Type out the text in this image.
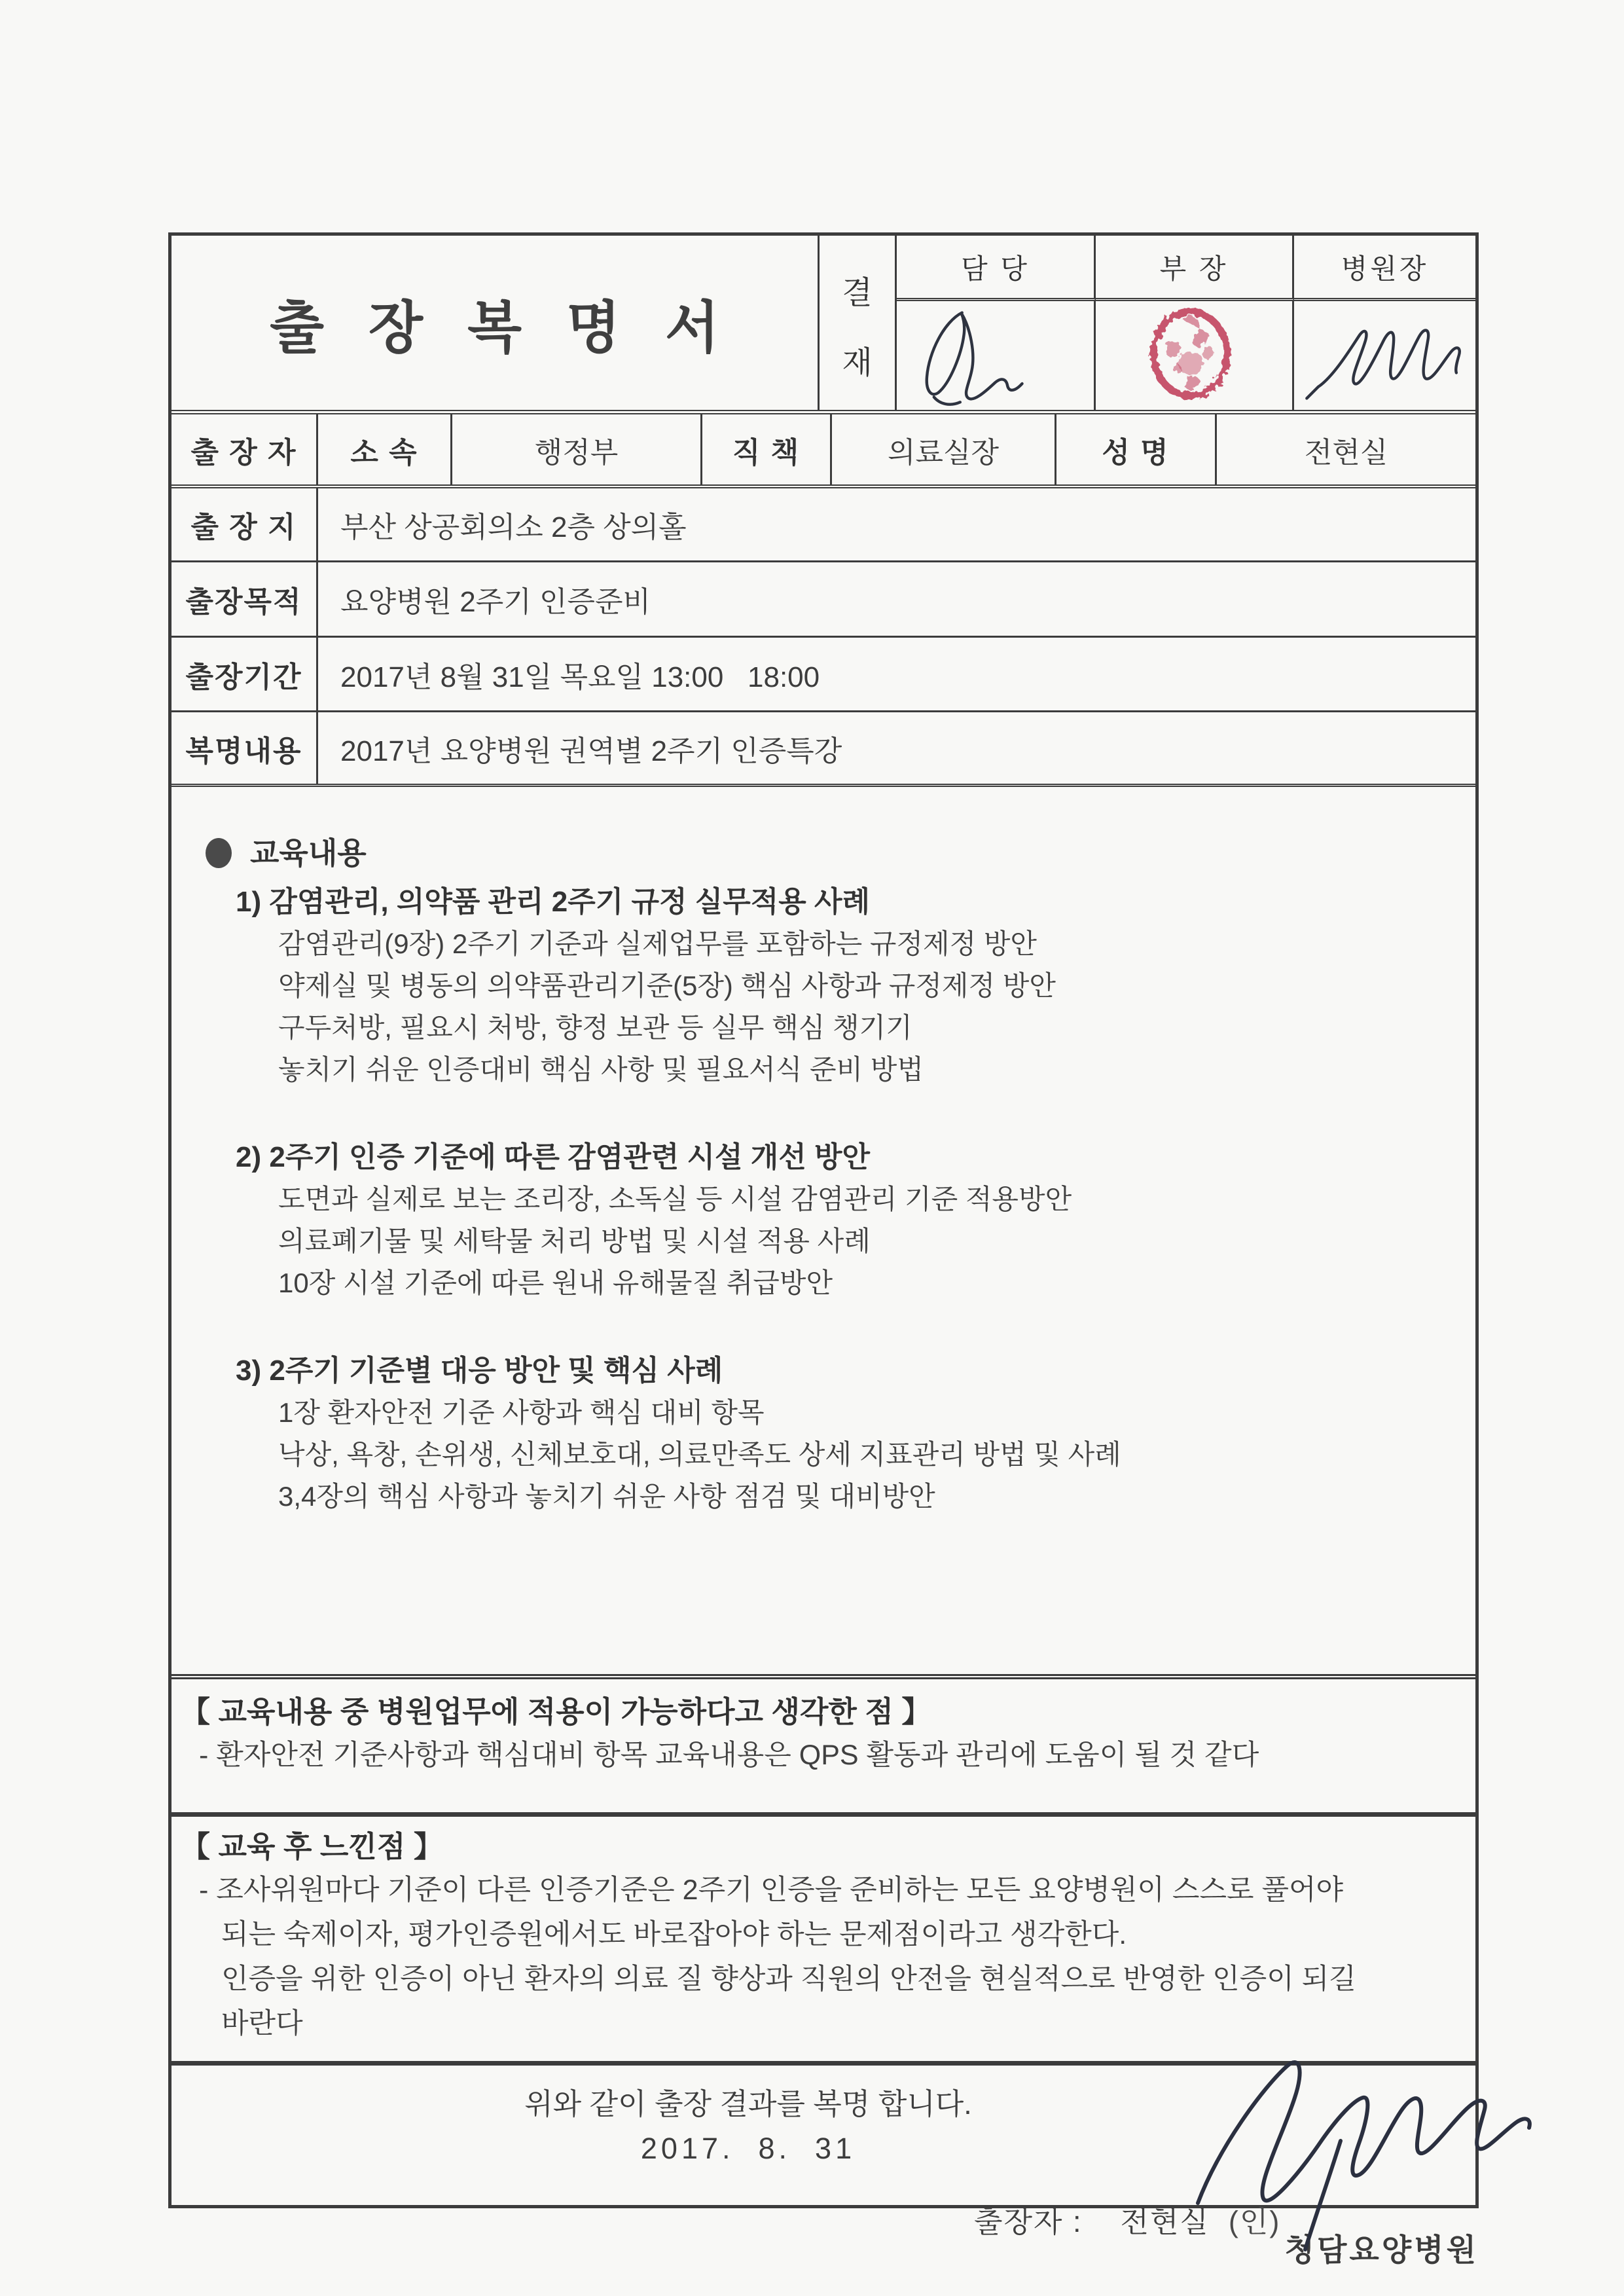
출 장 복 명 서
결
재
담 당	부 장	병원장
출 장 자	소 속	행정부	직 책	의료실장	성 명	전현실
출 장 지	부산 상공회의소 2층 상의홀
출장목적	요양병원 2주기 인증준비
출장기간	2017년 8월 31일 목요일 13:00   18:00
복명내용	2017년 요양병원 권역별 2주기 인증특강
교육내용
1) 감염관리, 의약품 관리 2주기 규정 실무적용 사례
감염관리(9장) 2주기 기준과 실제업무를 포함하는 규정제정 방안
약제실 및 병동의 의약품관리기준(5장) 핵심 사항과 규정제정 방안
구두처방, 필요시 처방, 향정 보관 등 실무 핵심 챙기기
놓치기 쉬운 인증대비 핵심 사항 및 필요서식 준비 방법
2) 2주기 인증 기준에 따른 감염관련 시설 개선 방안
도면과 실제로 보는 조리장, 소독실 등 시설 감염관리 기준 적용방안
의료폐기물 및 세탁물 처리 방법 및 시설 적용 사례
10장 시설 기준에 따른 원내 유해물질 취급방안
3) 2주기 기준별 대응 방안 및 핵심 사례
1장 환자안전 기준 사항과 핵심 대비 항목
낙상, 욕창, 손위생, 신체보호대, 의료만족도 상세 지표관리 방법 및 사례
3,4장의 핵심 사항과 놓치기 쉬운 사항 점검 및 대비방안
【 교육내용 중 병원업무에 적용이 가능하다고 생각한 점 】
- 환자안전 기준사항과 핵심대비 항목 교육내용은 QPS 활동과 관리에 도움이 될 것 같다
【 교육 후 느낀점 】
- 조사위원마다 기준이 다른 인증기준은 2주기 인증을 준비하는 모든 요양병원이 스스로 풀어야
되는 숙제이자, 평가인증원에서도 바로잡아야 하는 문제점이라고 생각한다.
인증을 위한 인증이 아닌 환자의 의료 질 향상과 직원의 안전을 현실적으로 반영한 인증이 되길
바란다
위와 같이 출장 결과를 복명 합니다.
2017.  8.  31

출장자 :    전현실  (인)

청담요양병원
